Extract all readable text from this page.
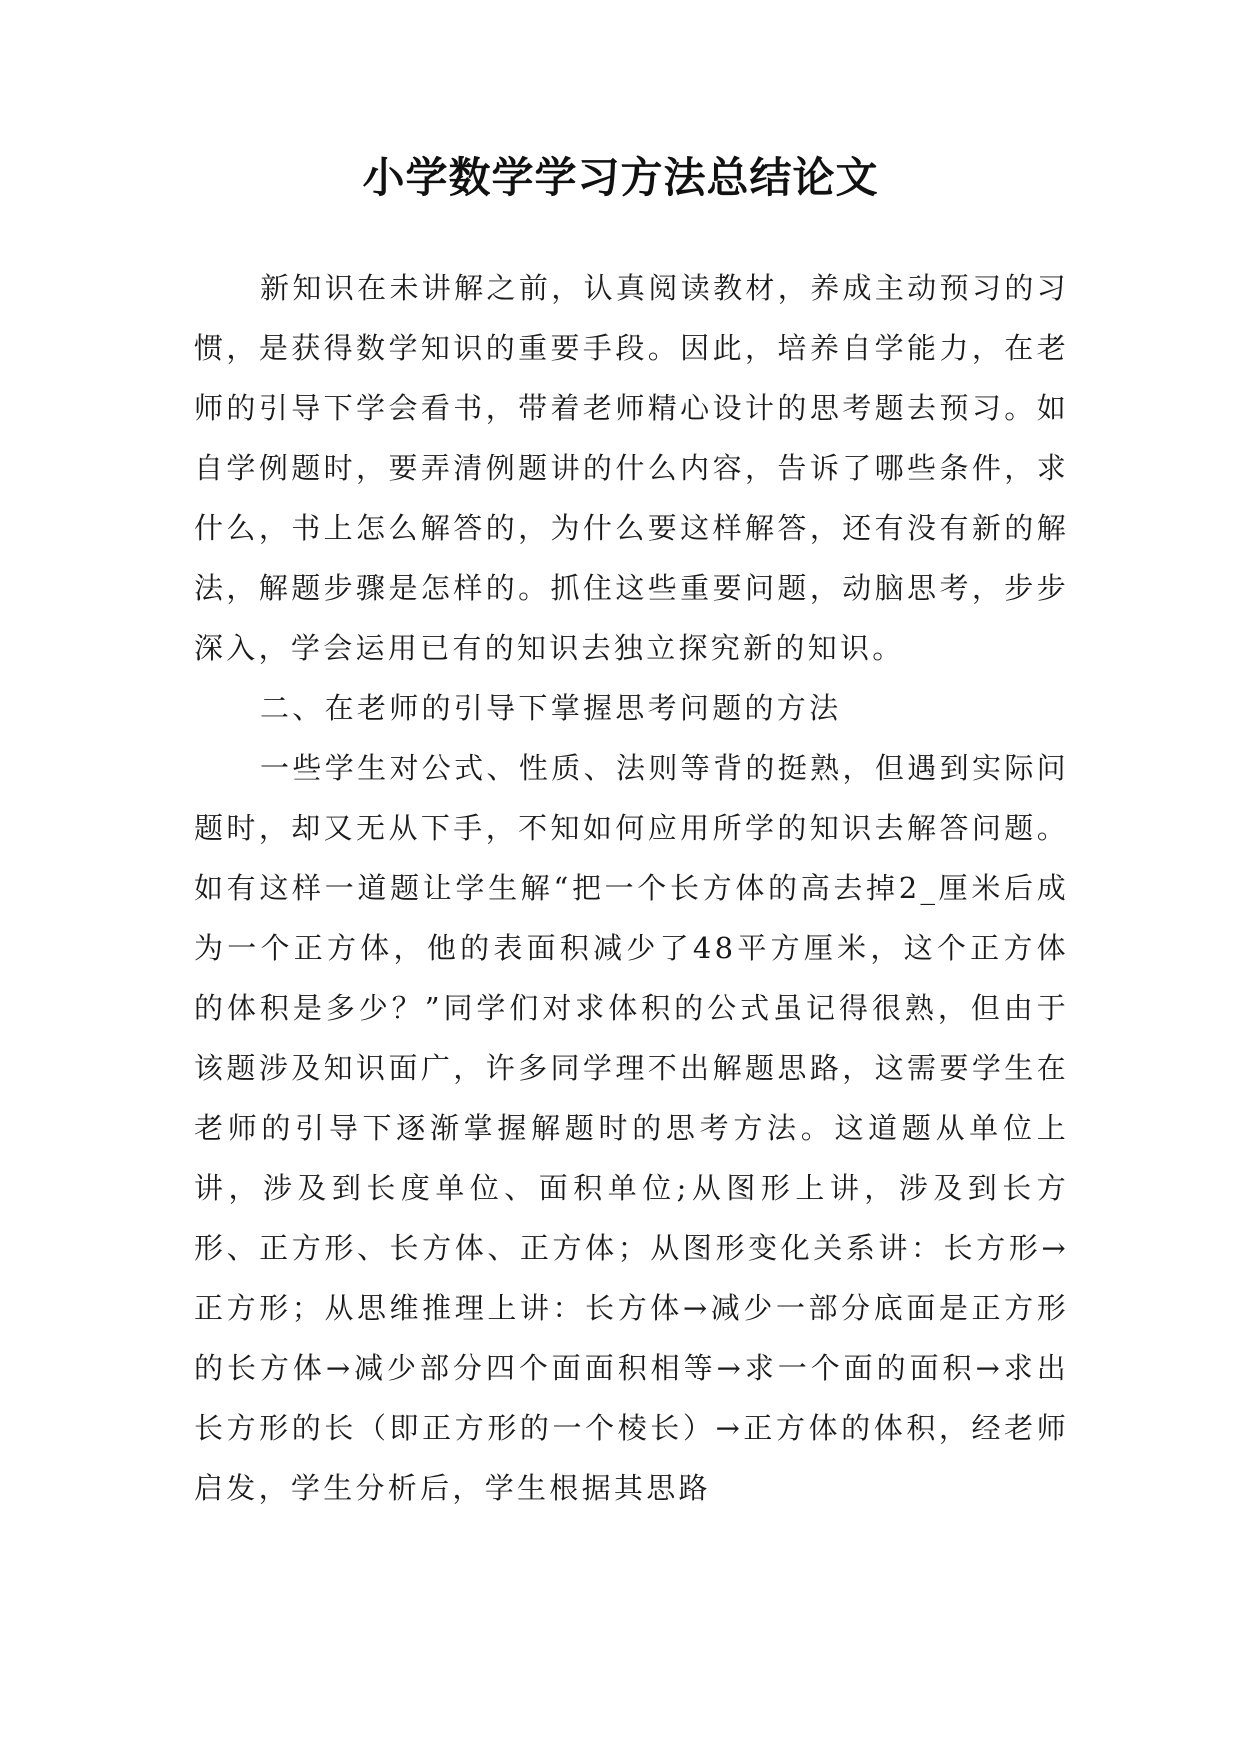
小学数学学习方法总结论文

新知识在未讲解之前，认真阅读教材，养成主动预习的习惯，是获得数学知识的重要手段。因此，培养自学能力，在老师的引导下学会看书，带着老师精心设计的思考题去预习。如自学例题时，要弄清例题讲的什么内容，告诉了哪些条件，求什么，书上怎么解答的，为什么要这样解答，还有没有新的解法，解题步骤是怎样的。抓住这些重要问题，动脑思考，步步深入，学会运用已有的知识去独立探究新的知识。

二、在老师的引导下掌握思考问题的方法

一些学生对公式、性质、法则等背的挺熟，但遇到实际问题时，却又无从下手，不知如何应用所学的知识去解答问题。如有这样一道题让学生解“把一个长方体的高去掉2_厘米后成为一个正方体，他的表面积减少了48平方厘米，这个正方体的体积是多少？”同学们对求体积的公式虽记得很熟，但由于该题涉及知识面广，许多同学理不出解题思路，这需要学生在老师的引导下逐渐掌握解题时的思考方法。这道题从单位上讲，涉及到长度单位、面积单位;从图形上讲，涉及到长方形、正方形、长方体、正方体；从图形变化关系讲：长方形→正方形；从思维推理上讲：长方体→减少一部分底面是正方形的长方体→减少部分四个面面积相等→求一个面的面积→求出长方形的长（即正方形的一个棱长）→正方体的体积，经老师启发，学生分析后，学生根据其思路
